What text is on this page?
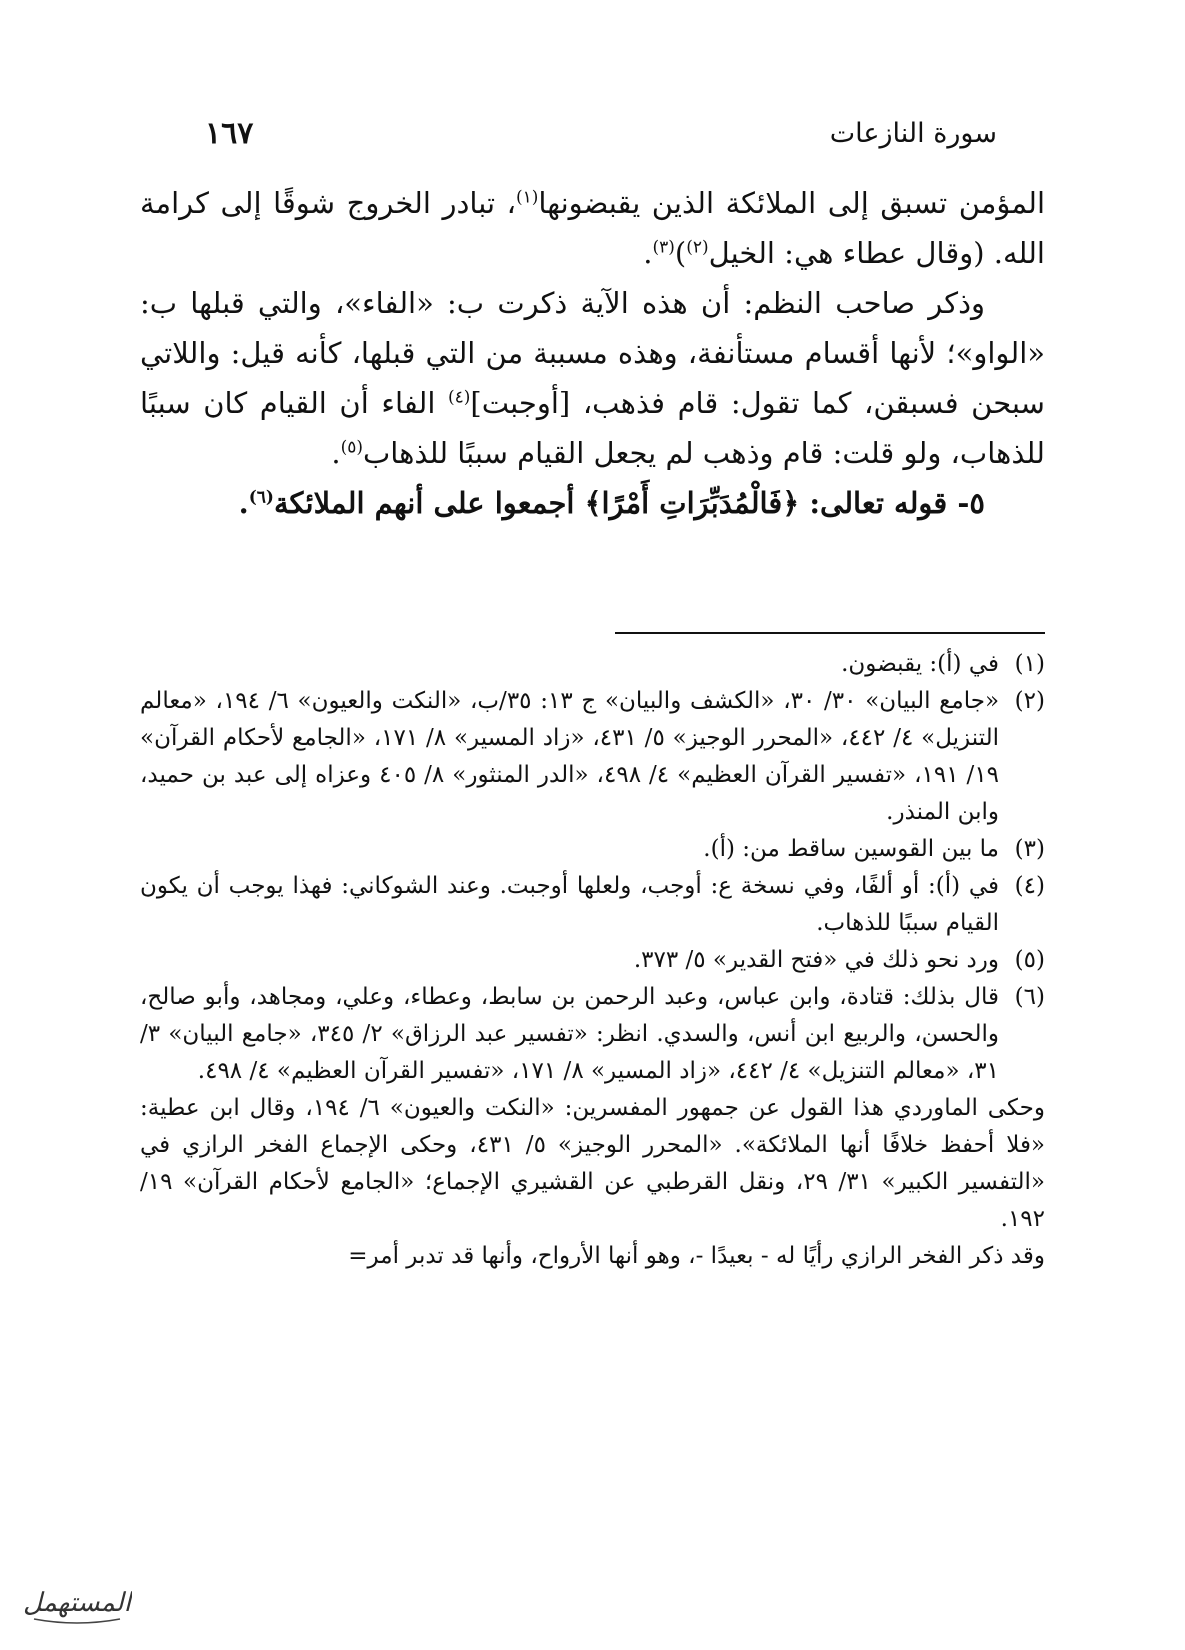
سورة النازعات
١٦٧

المؤمن تسبق إلى الملائكة الذين يقبضونها$^{(١)}$، تبادر الخروج شوقًا إلى كرامة الله. (وقال عطاء هي: الخيل$^{(٢)}$)$^{(٣)}$.

وذكر صاحب النظم: أن هذه الآية ذكرت ب: «الفاء»، والتي قبلها ب: «الواو»؛ لأنها أقسام مستأنفة، وهذه مسببة من التي قبلها، كأنه قيل: واللاتي سبحن فسبقن، كما تقول: قام فذهب، [أوجبت]$^{(٤)}$ الفاء أن القيام كان سببًا للذهاب، ولو قلت: قام وذهب لم يجعل القيام سببًا للذهاب$^{(٥)}$.

٥- قوله تعالى: ﴿فَالْمُدَبِّرَاتِ أَمْرًا﴾ أجمعوا على أنهم الملائكة$^{(٦)}$.

(١)
في (أ): يقبضون.
(٢)
«جامع البيان» ٣٠/ ٣٠، «الكشف والبيان» ج ١٣: ٣٥/ب، «النكت والعيون» ٦/ ١٩٤، «معالم التنزيل» ٤/ ٤٤٢، «المحرر الوجيز» ٥/ ٤٣١، «زاد المسير» ٨/ ١٧١، «الجامع لأحكام القرآن» ١٩/ ١٩١، «تفسير القرآن العظيم» ٤/ ٤٩٨، «الدر المنثور» ٨/ ٤٠٥ وعزاه إلى عبد بن حميد، وابن المنذر.
(٣)
ما بين القوسين ساقط من: (أ).
(٤)
في (أ): أو ألفًا، وفي نسخة ع: أوجب، ولعلها أوجبت. وعند الشوكاني: فهذا يوجب أن يكون القيام سببًا للذهاب.
(٥)
ورد نحو ذلك في «فتح القدير» ٥/ ٣٧٣.
(٦)
قال بذلك: قتادة، وابن عباس، وعبد الرحمن بن سابط، وعطاء، وعلي، ومجاهد، وأبو صالح، والحسن، والربيع ابن أنس، والسدي. انظر: «تفسير عبد الرزاق» ٢/ ٣٤٥، «جامع البيان» ٣/ ٣١، «معالم التنزيل» ٤/ ٤٤٢، «زاد المسير» ٨/ ١٧١، «تفسير القرآن العظيم» ٤/ ٤٩٨.

وحكى الماوردي هذا القول عن جمهور المفسرين: «النكت والعيون» ٦/ ١٩٤، وقال ابن عطية: «فلا أحفظ خلافًا أنها الملائكة». «المحرر الوجيز» ٥/ ٤٣١، وحكى الإجماع الفخر الرازي في «التفسير الكبير» ٣١/ ٢٩، ونقل القرطبي عن القشيري الإجماع؛ «الجامع لأحكام القرآن» ١٩/ ١٩٢.

وقد ذكر الفخر الرازي رأيًا له - بعيدًا -، وهو أنها الأرواح، وأنها قد تدبر أمر=

المستهمل
